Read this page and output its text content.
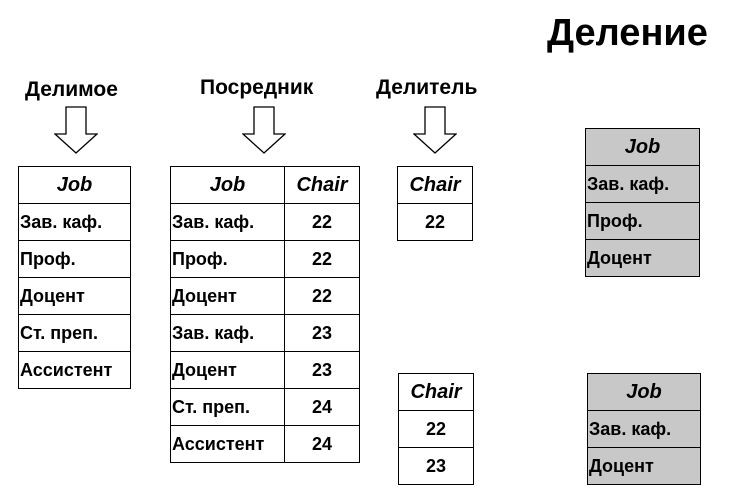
Деление
Делимое	Посредник	Делитель
Job
Зав. каф.
Проф.
Доцент
Ст. преп.
Ассистент
Job	Chair
Зав. каф.	22
Проф.	22
Доцент	22
Зав. каф.	23
Доцент	23
Ст. преп.	24
Ассистент	24
Chair
22
Job
Зав. каф.
Проф.
Доцент
Chair
22
23
Job
Зав. каф.
Доцент
